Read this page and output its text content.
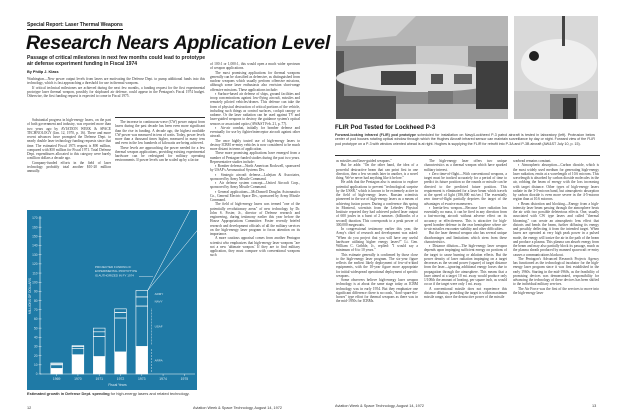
Special Report: Laser Thermal Weapons
Research Nears Application Level
Passage of critical milestones in next few months could lead to prototype air defense experiment funding in Fiscal 1974
By Philip J. Klass

Washington—New power output levels from lasers are motivating the Defense Dept. to pump additional funds into this technology, which is fast approaching a threshold for use in thermal weapons.

If critical technical milestones are achieved during the next few months, a funding request for the first experimental prototype laser thermal weapon, possibly for shipboard air defense, could appear in the Pentagon's Fiscal 1974 budget. Otherwise, the first funding request is expected to come in Fiscal 1975.

Substantial progress in high-energy lasers, on the part of both government and industry, was reported more than two years ago by AVIATION WEEK & SPACE TECHNOLOGY (Jan. 12, 1970, p. 16). These and more recent advances have prompted the Defense Dept. to nearly double laser technology funding requests since that time. The estimated Fiscal 1973 request is $90 million, compared with $50 million for Fiscal 1971. Total Defense Dept. expenditures allocated to this category were barely a million dollars a decade ago.

Company-funded efforts in the field of laser technology probably total another $10-20 million annually.

The increase in continuous-wave (CW) power output from lasers during the past decade has been even more significant than the rise in funding. A decade ago, the highest available CW power was measured in tens of watts. Today, power levels more than a thousand times higher, measured in many tens and even in the low hundreds of kilowatts are being achieved.

These levels are approaching the power needed for a few thermal weapon applications, providing existing experimental hardware can be redesigned for military operating environments. If power levels can be scaled up by a factor

of 100:1 or 1,000:1, this would open a much wider spectrum of weapon applications.

The most promising applications for thermal weapons generally can be classified as defensive, as distinguished from nuclear weapons which usually perform offensive missions, although some laser enthusiasts also envision short-range offensive missions. These applications include:

▪ Surface-based air defense of ships, ground facilities and troop concentrations against low-flying aircraft, missiles and remotely piloted vehicles/drones. This defense can take the form of physical destruction of critical portions of the vehicle, including such things as control surfaces, cockpit canopy or radome. Or the laser radiation can be used against TV and laser-guided weapons to destroy the guidance system's optical sensors or associated optics (AW&ST Feb. 21, p. 77).

▪ Air-air combat, initially for bomber defense and eventually for use by fighter/interceptor aircraft against other aircraft.

The once highly touted use of high-energy lasers to destroy ICBM re-entry vehicles is now considered to be much more distant in terms of application.

These more promising applications have emerged from a number of Pentagon-funded studies during the past two years. Representative studies include:

▪ Bomber defense—North American Rockwell, sponsored by USAF's Aeronautical Systems Div.

▪ Strategic aircraft defense—Lulejian & Associates, sponsored by Army Missile Command.

▪ Air defense system concept—United Aircraft Corp., sponsored by Army Missile Command.

▪ General applications—McDonnell Douglas Astronautics Co., General Electric Space Div., sponsored by Army Missile Command.

The field of high-energy lasers was termed "one of the potentially revolutionary areas" of new technology by Dr. John S. Foster, Jr., director of Defense research and engineering, during testimony earlier this year before the House Appropriations Committee. Foster recently briefed research and development officials of all the military services on the high-energy laser program to focus attention on its importance.

A more cautious appraisal comes from another Pentagon scientist who emphasizes that high-energy laser weapons "are not a new 'ultimate weapon.' If they are to find military application, they must compare with conventional weapons such

0
10
20
30
40
50
60
70
80
90
100
110
120
130
140
150
160
170
MILLIONS OF DOLLARS
1969	1970	1971	1972	1973	1974	1975
Fiscal Years
ARPA
USAF
NAVY
ARMY
PROJECTED FUNDING IF
EXPERIMENTAL PROTOTYPE
IS AUTHORIZED IN FY 1974
Estimated growth in Defense Dept. spending for high-energy lasers and related technology.
12	Aviation Week & Space Technology, August 14, 1972
FLIR Pod Tested for Lockheed P-3
Forward-looking infrared (FLIR) pod prototype scheduled for installation on Navy/Lockheed P-3 patrol aircraft is tested in laboratory (left). Protrusion below center of pod houses rotating optical window through which the Hughes Aircraft infrared sensor can maintain surveillance by day or night. Forward view of the FLIR pod prototype on a P-3 with window oriented ahead is at right. Hughes is supplying the FLIR for retrofit into P-3A and P-3B aircraft (AW&ST July 10, p. 15).

as missiles and laser-guided weapons."

But he adds: "On the other hand, the idea of a powerful destructive beam that can point first in one direction, then a few seconds later in another, is a novel thing. We've never had anything like it before."

He adds that the Pentagon also is anxious to explore potential applications to prevent "technological surprise by the USSR," which is known to be extremely active in the field of high-energy lasers. Russian scientists pioneered in the use of high-energy lasers as a means of achieving fusion power. During a conference this spring in Montreal, scientists from the Lebedev Physical Institute reported they had achieved pulsed laser output of 600 joules in a burst of 2 nanosec. (billionths of a second) duration. This corresponds to a peak power of 300,000 megawatts.

In congressional testimony earlier this year, the Army's chief of research and development was asked: "When do you project that you will have any useful hardware utilizing higher energy lasers?" Lt. Gen. William C. Gribble, Jr., replied: "I would say a minimum of 6 to 10 years."

This estimate generally is confirmed by those close to the high-energy laser program. The six-year figure reflects the earliest likely deployment of few-of-a-kind equipments, with the 10-year figure more appropriate for initial widespread operational deployment of specific weapons.

Some observers believe high-energy laser weapon technology is at about the same stage today as ICBM technology was in early 1954. But they emphasize one significant difference: there is no crash, "don't-spare-the-horses" type effort for thermal weapons as there was in the mid-1950s for ICBMs.

The high-energy laser offers two unique characteristics as a thermal weapon which have sparked military interest.

▪ Zero time-of-flight—With conventional weapons, a target must be tracked accurately for a period of time to predict its future position so the rounds or missile can be directed to the predicted future position. This requirement is eliminated for a laser beam which travels at the speed of light (186,000 mi./sec.) The essentially zero time-of-flight partially deprives the target of the advantages of evasive maneuvers.

▪ Inertia-less weapon—Because laser radiation has essentially no mass, it can be fired in any direction from a fast-moving aircraft without adverse effect on its accuracy or effectiveness. This is attractive for high-speed bomber defense in the rear hemisphere where air-to-air missiles encounter stability and other difficulties.

But the laser thermal weapon also has several unique disadvantages and limitations which stem from these characteristics.

▪ Distance dilution—The high-energy laser weapon depends upon impinging sufficient energy on portions of the target to cause burning or ablation effects. But the power density of laser radiation impinging on a target decreases as the second power (square) of target distance from the laser—ignoring additional energy losses due to propagation through the atmosphere. This means that a laser aimed at a target 10 mi. away would produce only 1/100th the amount of heating, per square inch, as would occur if the target were only 1 mi. away.

A conventional missile does not experience this distance dilution, providing the target is within maximum missile range, since the destructive power of the missile

warhead remains constant.

▪ Atmospheric absorption—Carbon dioxide, which is the most widely used medium for generating high-energy laser radiation, emits at a wavelength of 10.6 microns. This wavelength is absorbed by carbon dioxide molecules in the air, robbing the beam of energy with the loss increasing with target distance. Other types of high-energy lasers radiate in the 3-5-micron band, but atmospheric absorption by carbon dioxide is even more severe in the 4-5-micron region than at 10.6 microns.

▪ Beam distortion and blocking—Energy from a high-intensity laser beam passing through the atmosphere heats the air with two possible deleterious effects. One, usually associated with CW type lasers and called "thermal blooming," can create an atmospheric lens effect that distorts and bends the beam, further diffusing its energy and possibly deflecting it from the intended target. When lasers are operated at very high peak power in a pulsed mode, the energy will ionize the air in the path of the beam and produce a plasma. This plasma can absorb energy from the beam and may also partially block its passage, much as the plasma sheath produced by manned spacecraft re-entry causes a communications blackout.

The Pentagon's Advanced Research Projects Agency has functioned as the technological incubator for the high-energy laser program since it was first established in the early 1960s. Starting in the mid-1960s, as the feasibility of promising devices was demonstrated, responsibility for advancing the technology of these devices has been shifted to the individual military services.

The Air Force was the first of the services to move into the high-energy laser

Aviation Week & Space Technology, August 14, 1972	13
